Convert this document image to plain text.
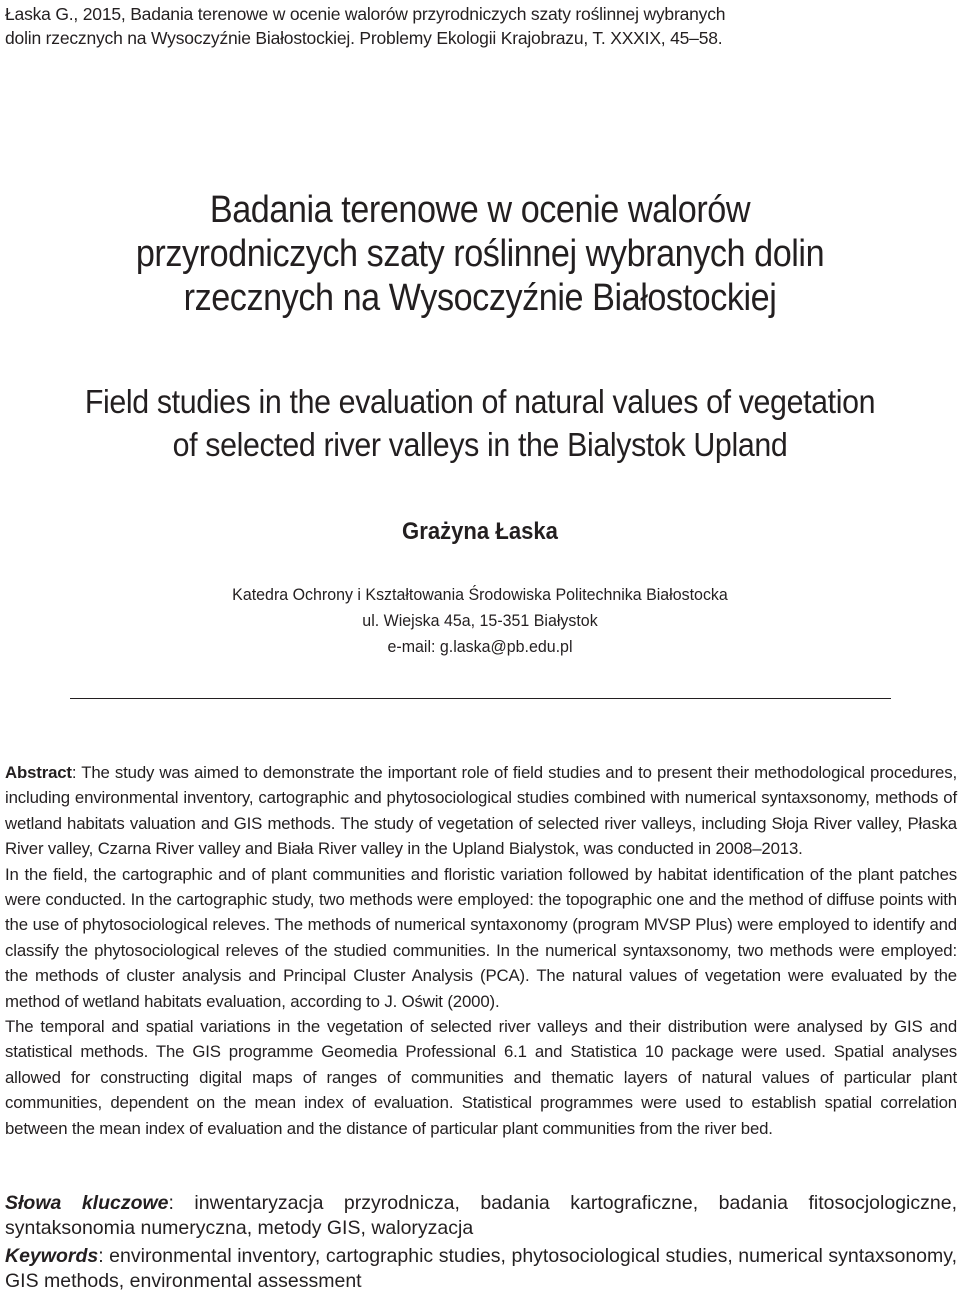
Łaska G., 2015, Badania terenowe w ocenie walorów przyrodniczych szaty roślinnej wybranych
dolin rzecznych na Wysoczyźnie Białostockiej. Problemy Ekologii Krajobrazu, T. XXXIX, 45–58.
Badania terenowe w ocenie walorów
przyrodniczych szaty roślinnej wybranych dolin
rzecznych na Wysoczyźnie Białostockiej
Field studies in the evaluation of natural values of vegetation
of selected river valleys in the Bialystok Upland
Grażyna Łaska
Katedra Ochrony i Kształtowania Środowiska Politechnika Białostocka
ul. Wiejska 45a, 15-351 Białystok
e-mail: g.laska@pb.edu.pl

Abstract: The study was aimed to demonstrate the important role of field studies and to present their methodological procedures, including environmental inventory, cartographic and phytosociological studies combined with numerical syntaxsonomy, methods of wetland habitats valuation and GIS methods. The study of vegetation of selected river valleys, including Słoja River valley, Płaska River valley, Czarna River valley and Biała River valley in the Upland Bialystok, was conducted in 2008–2013.

In the field, the cartographic and of plant communities and floristic variation followed by habitat identification of the plant patches were conducted. In the cartographic study, two methods were employed: the topographic one and the method of diffuse points with the use of phytosociological releves. The methods of numerical syntaxonomy (program MVSP Plus) were employed to identify and classify the phytosociological releves of the studied communities. In the numerical syntaxsonomy, two methods were employed: the methods of cluster analysis and Principal Cluster Analysis (PCA). The natural values of vegetation were evaluated by the method of wetland habitats evaluation, according to J. Oświt (2000).

The temporal and spatial variations in the vegetation of selected river valleys and their distribution were analysed by GIS and statistical methods. The GIS programme Geomedia Professional 6.1 and Statistica 10 package were used. Spatial analyses allowed for constructing digital maps of ranges of communities and thematic layers of natural values of particular plant communities, dependent on the mean index of evaluation. Statistical programmes were used to establish spatial correlation between the mean index of evaluation and the distance of particular plant communities from the river bed.

Słowa kluczowe: inwentaryzacja przyrodnicza, badania kartograficzne, badania fitosocjologiczne, syntaksonomia numeryczna, metody GIS, waloryzacja

Keywords: environmental inventory, cartographic studies, phytosociological studies, numerical syntaxsonomy, GIS methods, environmental assessment
